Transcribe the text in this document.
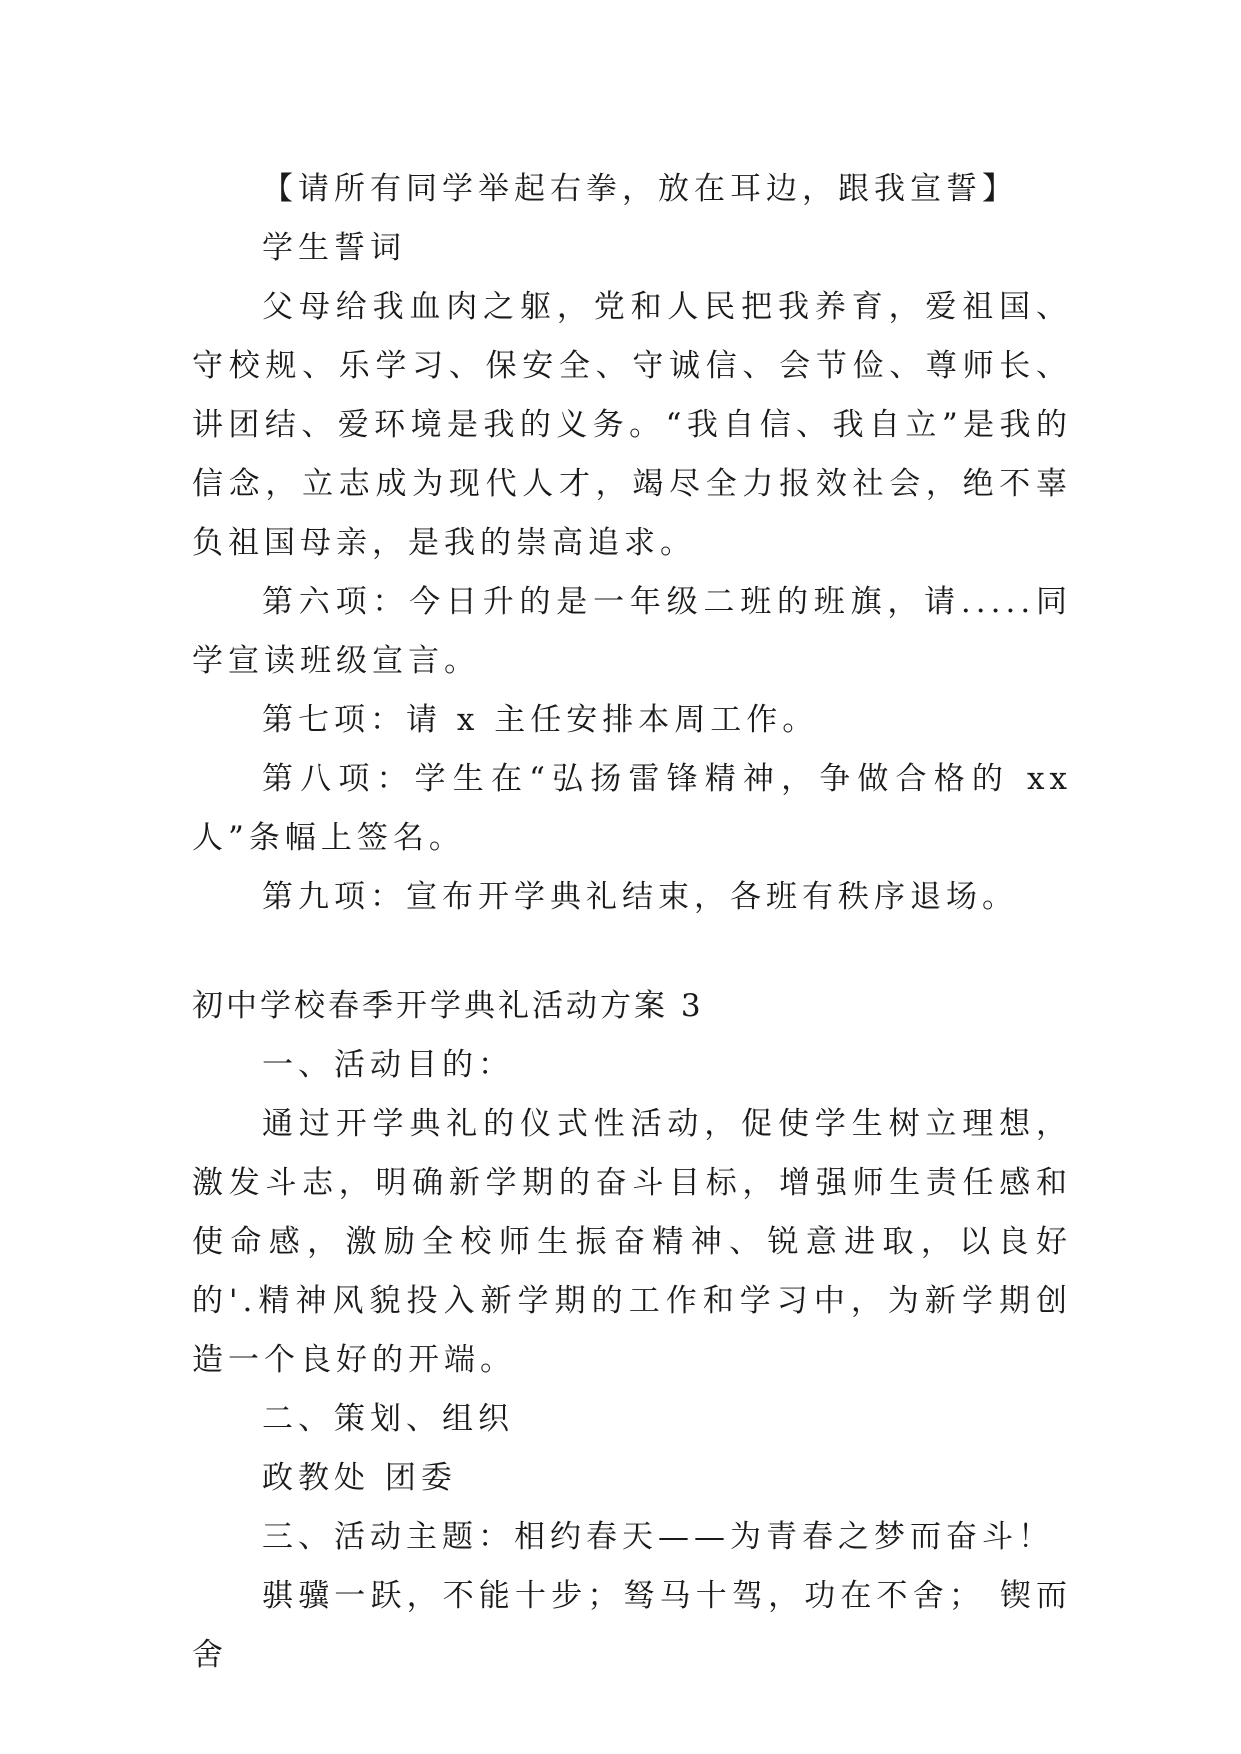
【请所有同学举起右拳，放在耳边，跟我宣誓】

学生誓词

父母给我血肉之躯，党和人民把我养育，爱祖国、守校规、乐学习、保安全、守诚信、会节俭、尊师长、讲团结、爱环境是我的义务。“我自信、我自立”是我的信念，立志成为现代人才，竭尽全力报效社会，绝不辜负祖国母亲，是我的崇高追求。

第六项：今日升的是一年级二班的班旗，请.....同学宣读班级宣言。

第七项：请 x 主任安排本周工作。

第八项：学生在“弘扬雷锋精神，争做合格的 xx 人”条幅上签名。

第九项：宣布开学典礼结束，各班有秩序退场。

初中学校春季开学典礼活动方案 3

一、活动目的：

通过开学典礼的仪式性活动，促使学生树立理想，激发斗志，明确新学期的奋斗目标，增强师生责任感和使命感，激励全校师生振奋精神、锐意进取，以良好的'.精神风貌投入新学期的工作和学习中，为新学期创造一个良好的开端。

二、策划、组织

政教处 团委

三、活动主题：相约春天——为青春之梦而奋斗！

骐骥一跃，不能十步；驽马十驾，功在不舍； 锲而舍
